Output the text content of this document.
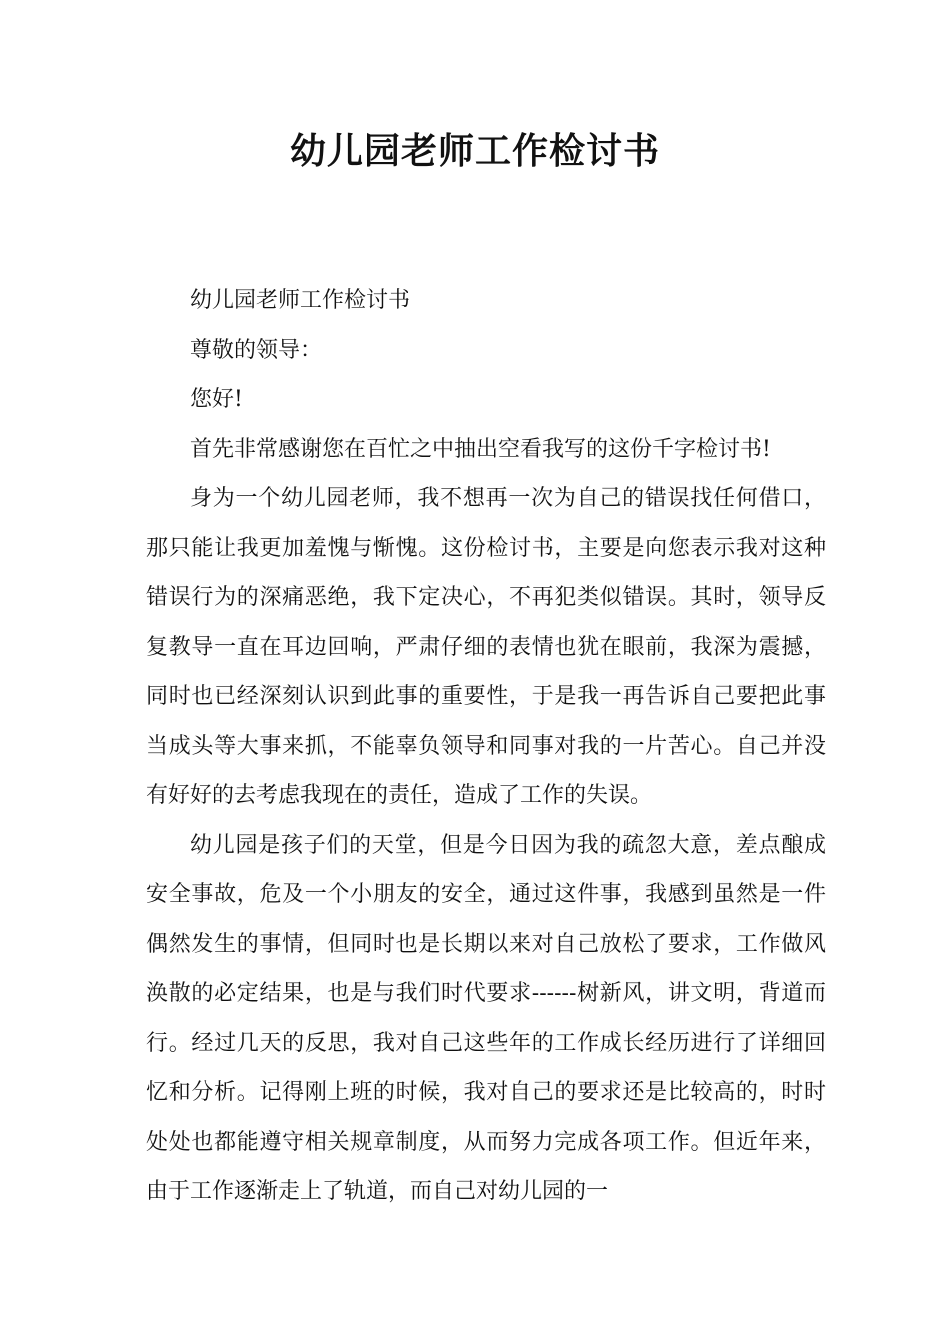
幼儿园老师工作检讨书

幼儿园老师工作检讨书

尊敬的领导：

您好!

首先非常感谢您在百忙之中抽出空看我写的这份千字检讨书!

身为一个幼儿园老师，我不想再一次为自己的错误找任何借口，那只能让我更加羞愧与惭愧。这份检讨书，主要是向您表示我对这种错误行为的深痛恶绝，我下定决心，不再犯类似错误。其时，领导反复教导一直在耳边回响，严肃仔细的表情也犹在眼前，我深为震撼，同时也已经深刻认识到此事的重要性，于是我一再告诉自己要把此事当成头等大事来抓，不能辜负领导和同事对我的一片苦心。自己并没有好好的去考虑我现在的责任，造成了工作的失误。

幼儿园是孩子们的天堂，但是今日因为我的疏忽大意，差点酿成安全事故，危及一个小朋友的安全，通过这件事，我感到虽然是一件偶然发生的事情，但同时也是长期以来对自己放松了要求，工作做风涣散的必定结果，也是与我们时代要求------树新风，讲文明，背道而行。经过几天的反思，我对自己这些年的工作成长经历进行了详细回忆和分析。记得刚上班的时候，我对自己的要求还是比较高的，时时处处也都能遵守相关规章制度，从而努力完成各项工作。但近年来，由于工作逐渐走上了轨道，而自己对幼儿园的一
